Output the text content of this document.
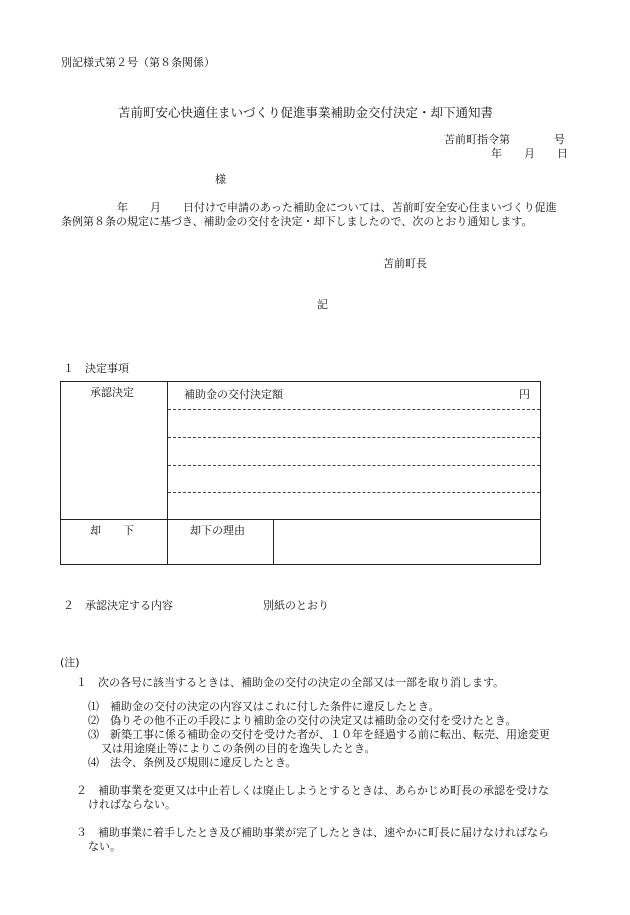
別記様式第２号（第８条関係）
苫前町安心快適住まいづくり促進事業補助金交付決定・却下通知書
苫前町指令第　　　　号
年　　月　　日
様
年　　月　　日付けで申請のあった補助金については、苫前町安全安心住まいづくり促進
条例第８条の規定に基づき、補助金の交付を決定・却下しましたので、次のとおり通知します。
苫前町長
記
１　決定事項
承認決定	補助金の交付決定額	円
却　　下	却下の理由
２　承認決定する内容	別紙のとおり
(注)
１　次の各号に該当するときは、補助金の交付の決定の全部又は一部を取り消します。
⑴　補助金の交付の決定の内容又はこれに付した条件に違反したとき。
⑵　偽りその他不正の手段により補助金の交付の決定又は補助金の交付を受けたとき。
⑶　新築工事に係る補助金の交付を受けた者が、１０年を経過する前に転出、転売、用途変更
又は用途廃止等によりこの条例の目的を逸失したとき。
⑷　法令、条例及び規則に違反したとき。
２　補助事業を変更又は中止若しくは廃止しようとするときは、あらかじめ町長の承認を受けな
ければならない。
３　補助事業に着手したとき及び補助事業が完了したときは、速やかに町長に届けなければなら
ない。
